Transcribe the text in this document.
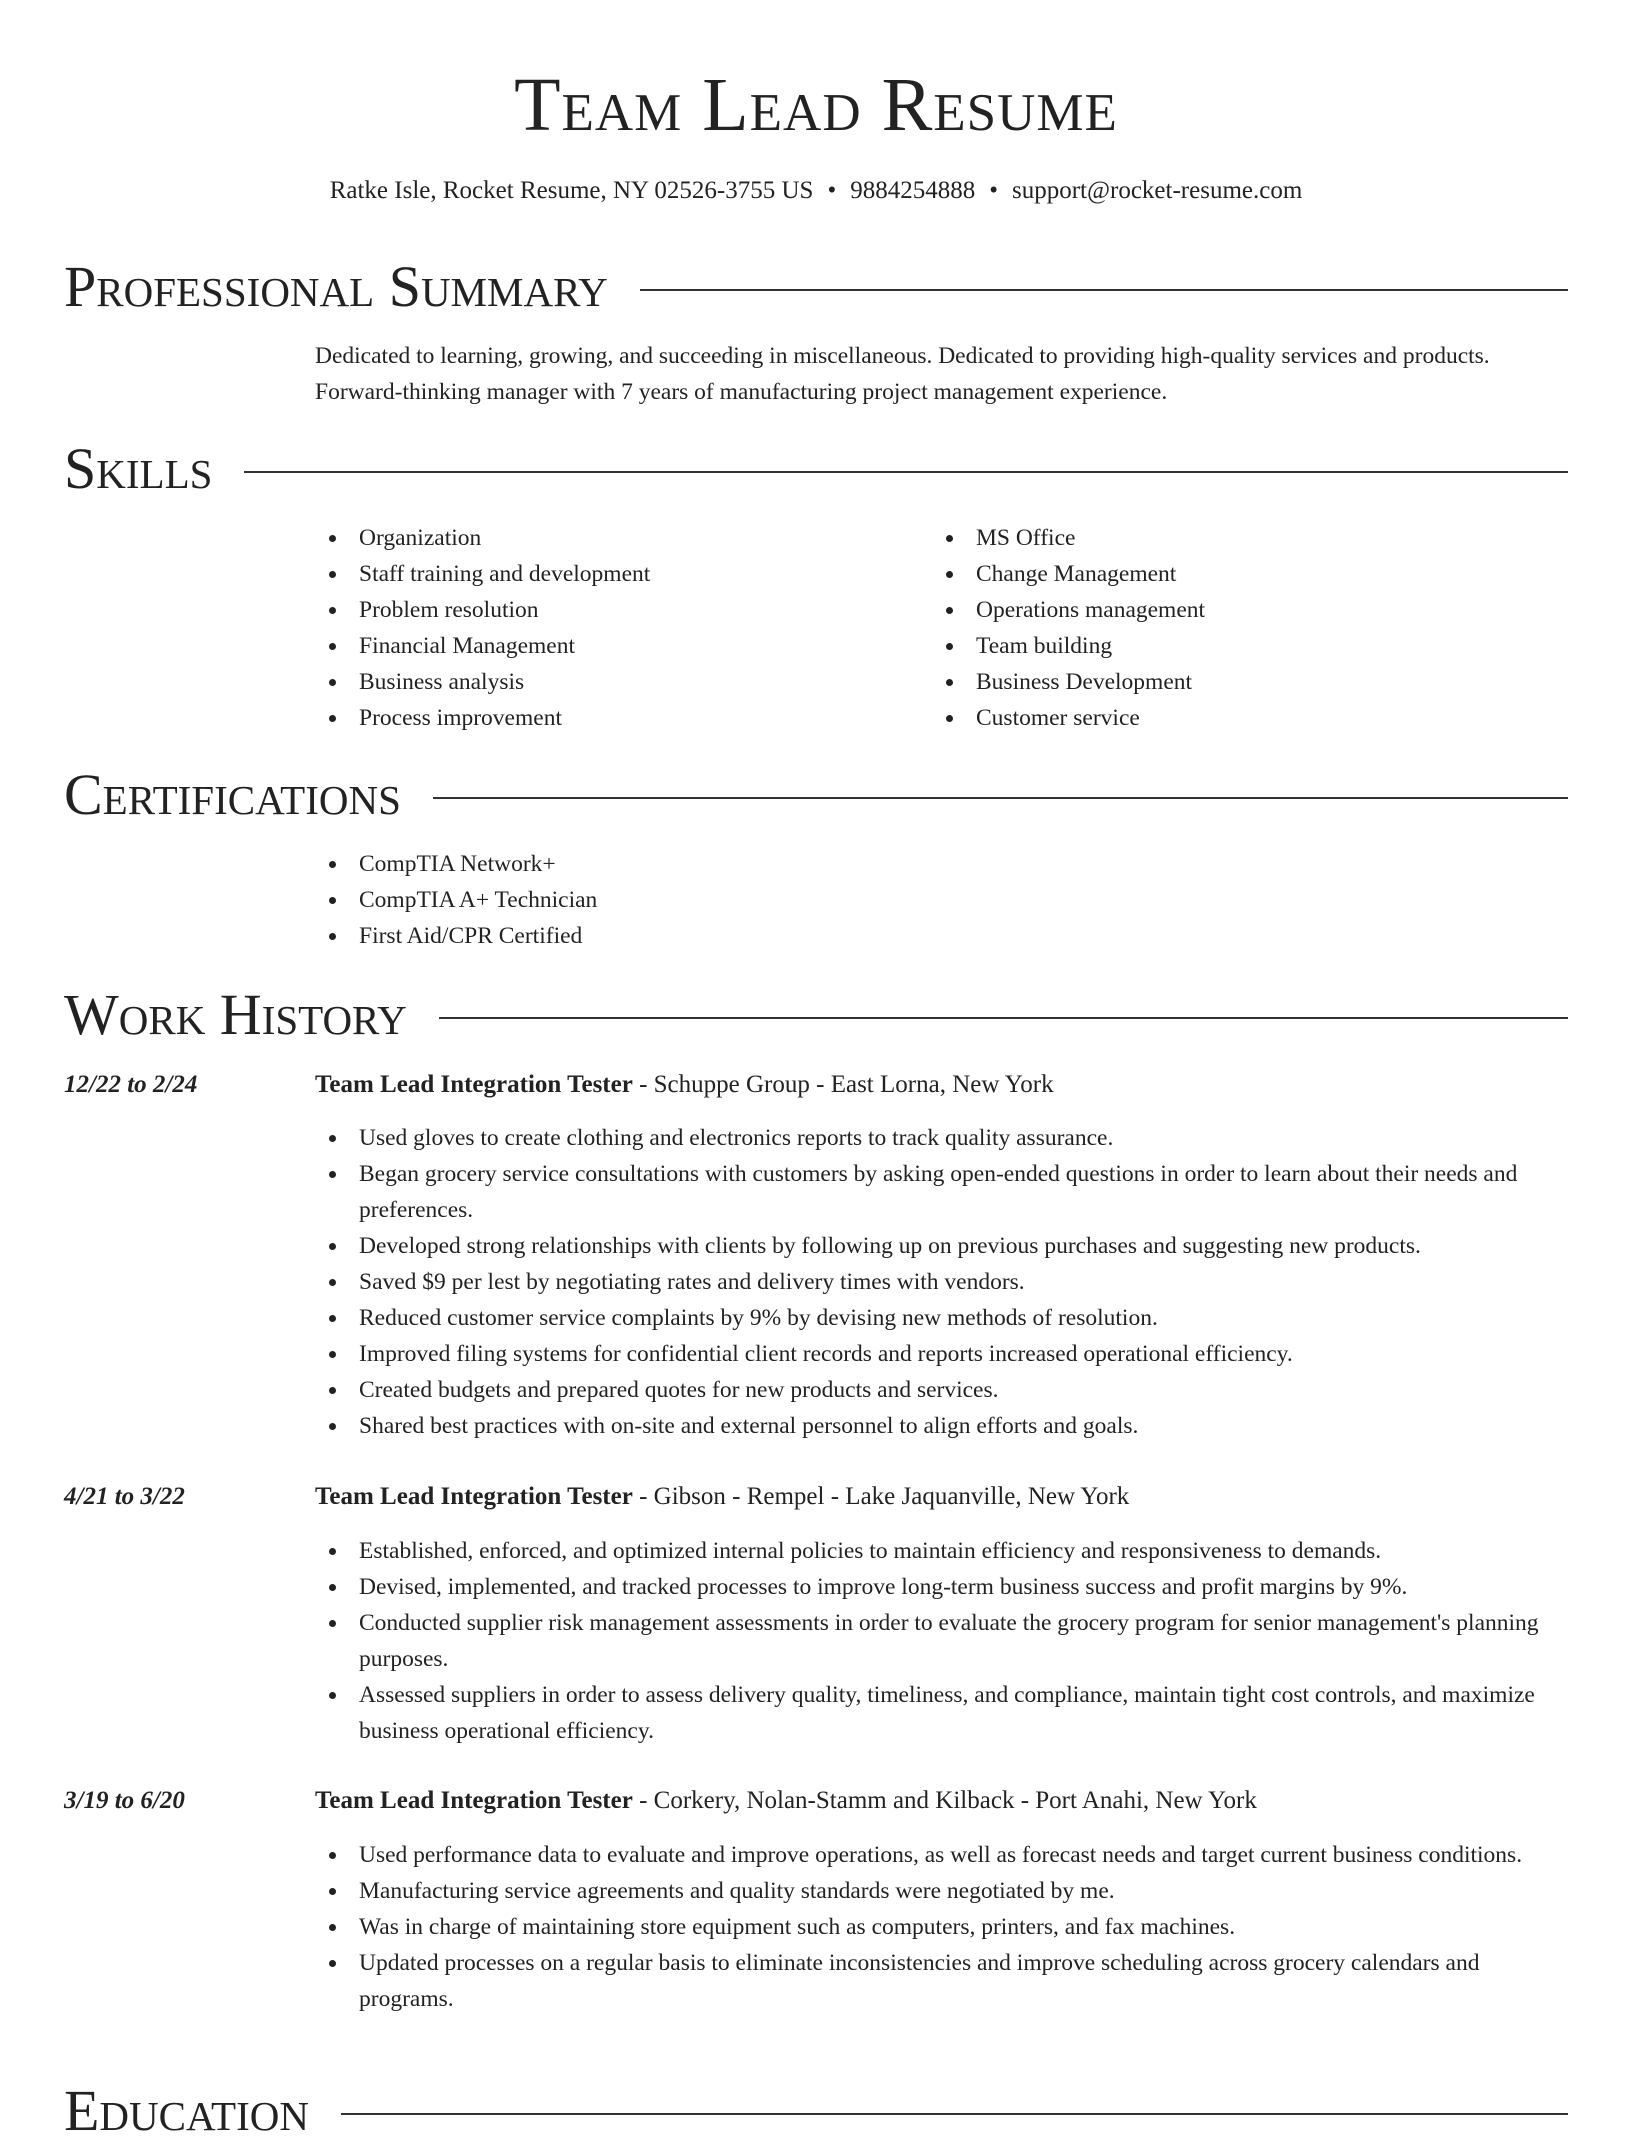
Team Lead Resume
Ratke Isle, Rocket Resume, NY 02526-3755 US • 9884254888 • support@rocket-resume.com
Professional Summary
Dedicated to learning, growing, and succeeding in miscellaneous. Dedicated to providing high-quality services and products. Forward-thinking manager with 7 years of manufacturing project management experience.
Skills
Organization
Staff training and development
Problem resolution
Financial Management
Business analysis
Process improvement
MS Office
Change Management
Operations management
Team building
Business Development
Customer service
Certifications
CompTIA Network+
CompTIA A+ Technician
First Aid/CPR Certified
Work History
12/22 to 2/24	Team Lead Integration Tester - Schuppe Group - East Lorna, New York
Used gloves to create clothing and electronics reports to track quality assurance.
Began grocery service consultations with customers by asking open-ended questions in order to learn about their needs and preferences.
Developed strong relationships with clients by following up on previous purchases and suggesting new products.
Saved $9 per lest by negotiating rates and delivery times with vendors.
Reduced customer service complaints by 9% by devising new methods of resolution.
Improved filing systems for confidential client records and reports increased operational efficiency.
Created budgets and prepared quotes for new products and services.
Shared best practices with on-site and external personnel to align efforts and goals.
4/21 to 3/22	Team Lead Integration Tester - Gibson - Rempel - Lake Jaquanville, New York
Established, enforced, and optimized internal policies to maintain efficiency and responsiveness to demands.
Devised, implemented, and tracked processes to improve long-term business success and profit margins by 9%.
Conducted supplier risk management assessments in order to evaluate the grocery program for senior management's planning purposes.
Assessed suppliers in order to assess delivery quality, timeliness, and compliance, maintain tight cost controls, and maximize business operational efficiency.
3/19 to 6/20	Team Lead Integration Tester - Corkery, Nolan-Stamm and Kilback - Port Anahi, New York
Used performance data to evaluate and improve operations, as well as forecast needs and target current business conditions.
Manufacturing service agreements and quality standards were negotiated by me.
Was in charge of maintaining store equipment such as computers, printers, and fax machines.
Updated processes on a regular basis to eliminate inconsistencies and improve scheduling across grocery calendars and programs.
Education
